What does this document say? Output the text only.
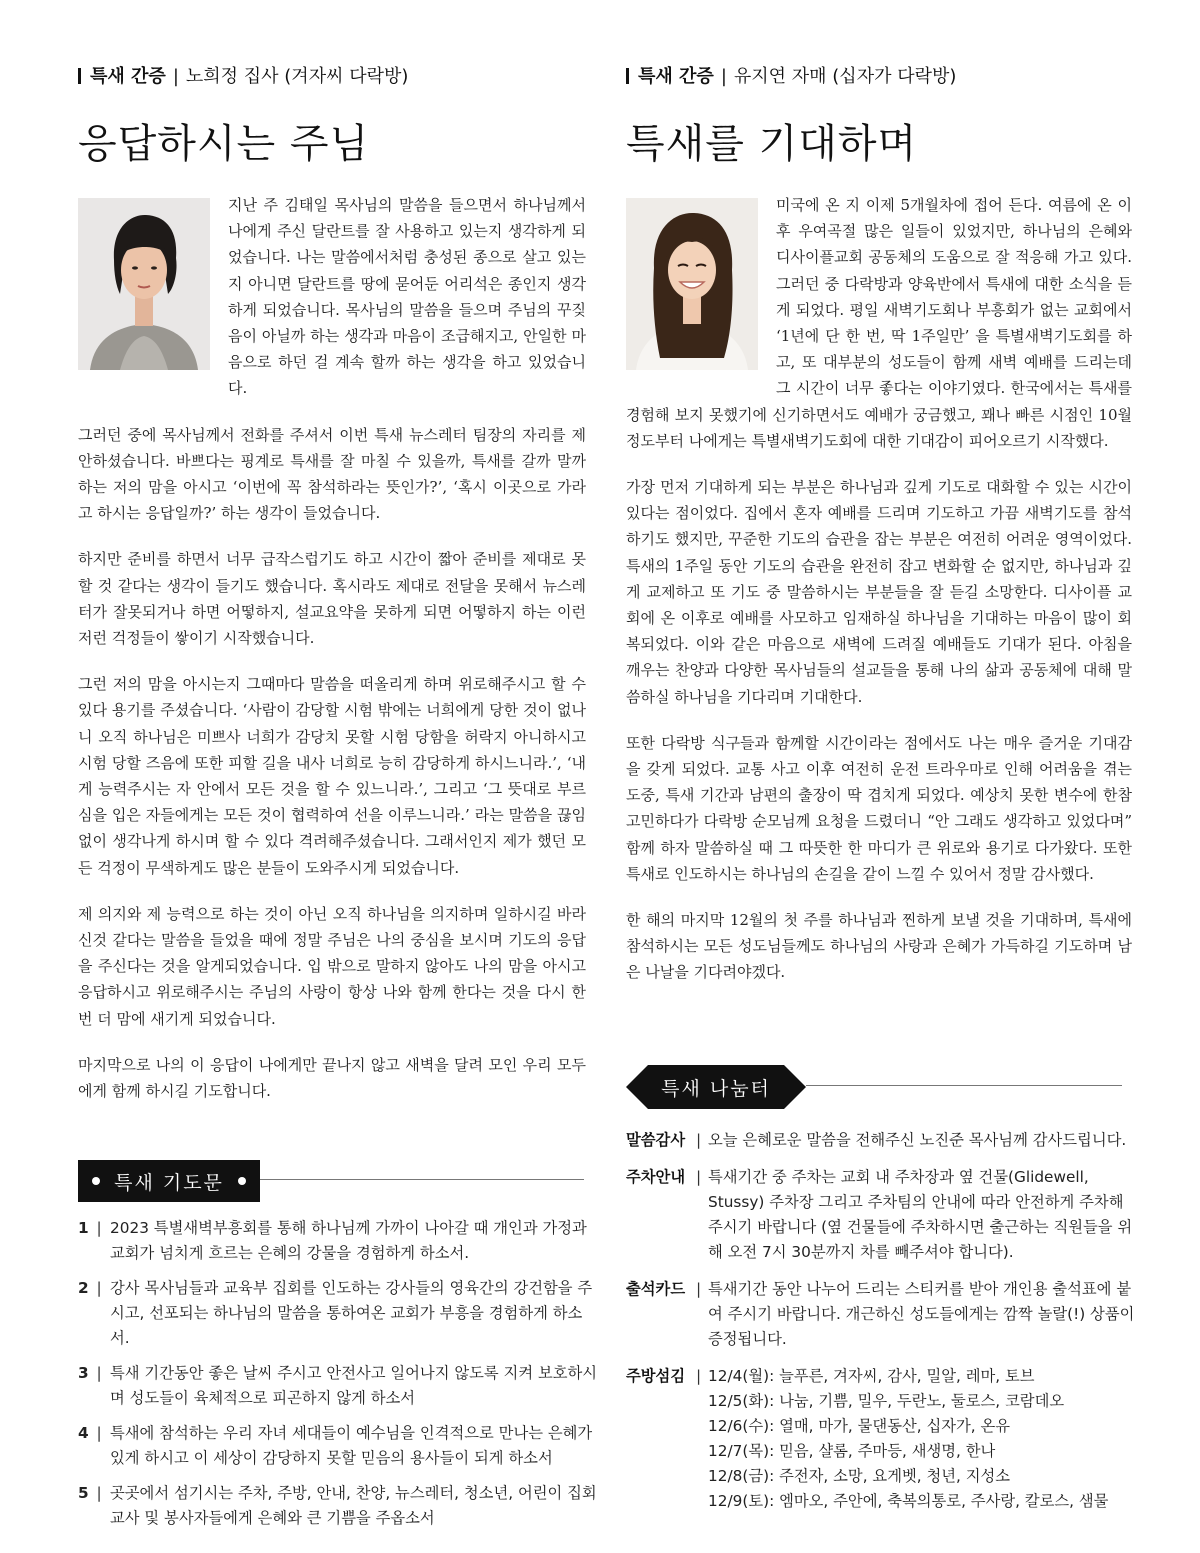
특새 간증 | 노희정 집사 (겨자씨 다락방)
응답하시는 주님

지난 주 김태일 목사님의 말씀을 들으면서 하나님께서 나에게 주신 달란트를 잘 사용하고 있는지 생각하게 되었습니다. 나는 말씀에서처럼 충성된 종으로 살고 있는지 아니면 달란트를 땅에 묻어둔 어리석은 종인지 생각하게 되었습니다. 목사님의 말씀을 들으며 주님의 꾸짖음이 아닐까 하는 생각과 마음이 조급해지고, 안일한 마음으로 하던 걸 계속 할까 하는 생각을 하고 있었습니다.

그러던 중에 목사님께서 전화를 주셔서 이번 특새 뉴스레터 팀장의 자리를 제안하셨습니다. 바쁘다는 핑계로 특새를 잘 마칠 수 있을까, 특새를 갈까 말까 하는 저의 맘을 아시고 ‘이번에 꼭 참석하라는 뜻인가?’, ‘혹시 이곳으로 가라고 하시는 응답일까?’ 하는 생각이 들었습니다.

하지만 준비를 하면서 너무 급작스럽기도 하고 시간이 짧아 준비를 제대로 못할 것 같다는 생각이 들기도 했습니다. 혹시라도 제대로 전달을 못해서 뉴스레터가 잘못되거나 하면 어떻하지, 설교요약을 못하게 되면 어떻하지 하는 이런 저런 걱정들이 쌓이기 시작했습니다.

그런 저의 맘을 아시는지 그때마다 말씀을 떠올리게 하며 위로해주시고 할 수 있다 용기를 주셨습니다. ‘사람이 감당할 시험 밖에는 너희에게 당한 것이 없나니 오직 하나님은 미쁘사 너희가 감당치 못할 시험 당함을 허락지 아니하시고 시험 당할 즈음에 또한 피할 길을 내사 너희로 능히 감당하게 하시느니라.’, ‘내게 능력주시는 자 안에서 모든 것을 할 수 있느니라.’, 그리고 ‘그 뜻대로 부르심을 입은 자들에게는 모든 것이 협력하여 선을 이루느니라.’ 라는 말씀을 끊임없이 생각나게 하시며 할 수 있다 격려해주셨습니다. 그래서인지 제가 했던 모든 걱정이 무색하게도 많은 분들이 도와주시게 되었습니다.

제 의지와 제 능력으로 하는 것이 아닌 오직 하나님을 의지하며 일하시길 바라신것 같다는 말씀을 들었을 때에 정말 주님은 나의 중심을 보시며 기도의 응답을 주신다는 것을 알게되었습니다. 입 밖으로 말하지 않아도 나의 맘을 아시고 응답하시고 위로해주시는 주님의 사랑이 항상 나와 함께 한다는 것을 다시 한번 더 맘에 새기게 되었습니다.

마지막으로 나의 이 응답이 나에게만 끝나지 않고 새벽을 달려 모인 우리 모두에게 함께 하시길 기도합니다.

특새 기도문
1 |	2023 특별새벽부흥회를 통해 하나님께 가까이 나아갈 때 개인과 가정과 교회가 넘치게 흐르는 은혜의 강물을 경험하게 하소서.
2 |	강사 목사님들과 교육부 집회를 인도하는 강사들의 영육간의 강건함을 주시고, 선포되는 하나님의 말씀을 통하여온 교회가 부흥을 경험하게 하소서.
3 |	특새 기간동안 좋은 날씨 주시고 안전사고 일어나지 않도록 지켜 보호하시며 성도들이 육체적으로 피곤하지 않게 하소서
4 |	특새에 참석하는 우리 자녀 세대들이 예수님을 인격적으로 만나는 은혜가 있게 하시고 이 세상이 감당하지 못할 믿음의 용사들이 되게 하소서
5 |	곳곳에서 섬기시는 주차, 주방, 안내, 찬양, 뉴스레터, 청소년, 어린이 집회 교사 및 봉사자들에게 은혜와 큰 기쁨을 주옵소서
특새 간증 | 유지연 자매 (십자가 다락방)
특새를 기대하며

미국에 온 지 이제 5개월차에 접어 든다. 여름에 온 이후 우여곡절 많은 일들이 있었지만, 하나님의 은혜와 디사이플교회 공동체의 도움으로 잘 적응해 가고 있다. 그러던 중 다락방과 양육반에서 특새에 대한 소식을 듣게 되었다. 평일 새벽기도회나 부흥회가 없는 교회에서 ‘1년에 단 한 번, 딱 1주일만’ 을 특별새벽기도회를 하고, 또 대부분의 성도들이 함께 새벽 예배를 드리는데 그 시간이 너무 좋다는 이야기였다. 한국에서는 특새를 경험해 보지 못했기에 신기하면서도 예배가 궁금했고, 꽤나 빠른 시점인 10월 정도부터 나에게는 특별새벽기도회에 대한 기대감이 피어오르기 시작했다.

가장 먼저 기대하게 되는 부분은 하나님과 깊게 기도로 대화할 수 있는 시간이 있다는 점이었다. 집에서 혼자 예배를 드리며 기도하고 가끔 새벽기도를 참석하기도 했지만, 꾸준한 기도의 습관을 잡는 부분은 여전히 어려운 영역이었다. 특새의 1주일 동안 기도의 습관을 완전히 잡고 변화할 순 없지만, 하나님과 깊게 교제하고 또 기도 중 말씀하시는 부분들을 잘 듣길 소망한다. 디사이플 교회에 온 이후로 예배를 사모하고 임재하실 하나님을 기대하는 마음이 많이 회복되었다. 이와 같은 마음으로 새벽에 드려질 예배들도 기대가 된다. 아침을 깨우는 찬양과 다양한 목사님들의 설교들을 통해 나의 삶과 공동체에 대해 말씀하실 하나님을 기다리며 기대한다.

또한 다락방 식구들과 함께할 시간이라는 점에서도 나는 매우 즐거운 기대감을 갖게 되었다. 교통 사고 이후 여전히 운전 트라우마로 인해 어려움을 겪는 도중, 특새 기간과 남편의 출장이 딱 겹치게 되었다. 예상치 못한 변수에 한참 고민하다가 다락방 순모님께 요청을 드렸더니 “안 그래도 생각하고 있었다며” 함께 하자 말씀하실 때 그 따뜻한 한 마디가 큰 위로와 용기로 다가왔다. 또한 특새로 인도하시는 하나님의 손길을 같이 느낄 수 있어서 정말 감사했다.

한 해의 마지막 12월의 첫 주를 하나님과 찐하게 보낼 것을 기대하며, 특새에 참석하시는 모든 성도님들께도 하나님의 사랑과 은혜가 가득하길 기도하며 남은 나날을 기다려야겠다.

특새 나눔터
말씀감사 | 오늘 은혜로운 말씀을 전해주신 노진준 목사님께 감사드립니다.
주차안내 | 특새기간 중 주차는 교회 내 주차장과 옆 건물(Glidewell, Stussy) 주차장 그리고 주차팀의 안내에 따라 안전하게 주차해 주시기 바랍니다 (옆 건물들에 주차하시면 출근하는 직원들을 위해 오전 7시 30분까지 차를 빼주셔야 합니다).
출석카드 | 특새기간 동안 나누어 드리는 스티커를 받아 개인용 출석표에 붙여 주시기 바랍니다. 개근하신 성도들에게는 깜짝 놀랄(!) 상품이 증정됩니다.
주방섬김 | 12/4(월): 늘푸른, 겨자씨, 감사, 밀알, 레마, 토브
12/5(화): 나눔, 기쁨, 밀우, 두란노, 둘로스, 코람데오
12/6(수): 열매, 마가, 물댄동산, 십자가, 온유
12/7(목): 믿음, 샬롬, 주마등, 새생명, 한나
12/8(금): 주전자, 소망, 요게벳, 청년, 지성소
12/9(토): 엠마오, 주안에, 축복의통로, 주사랑, 칼로스, 샘물
